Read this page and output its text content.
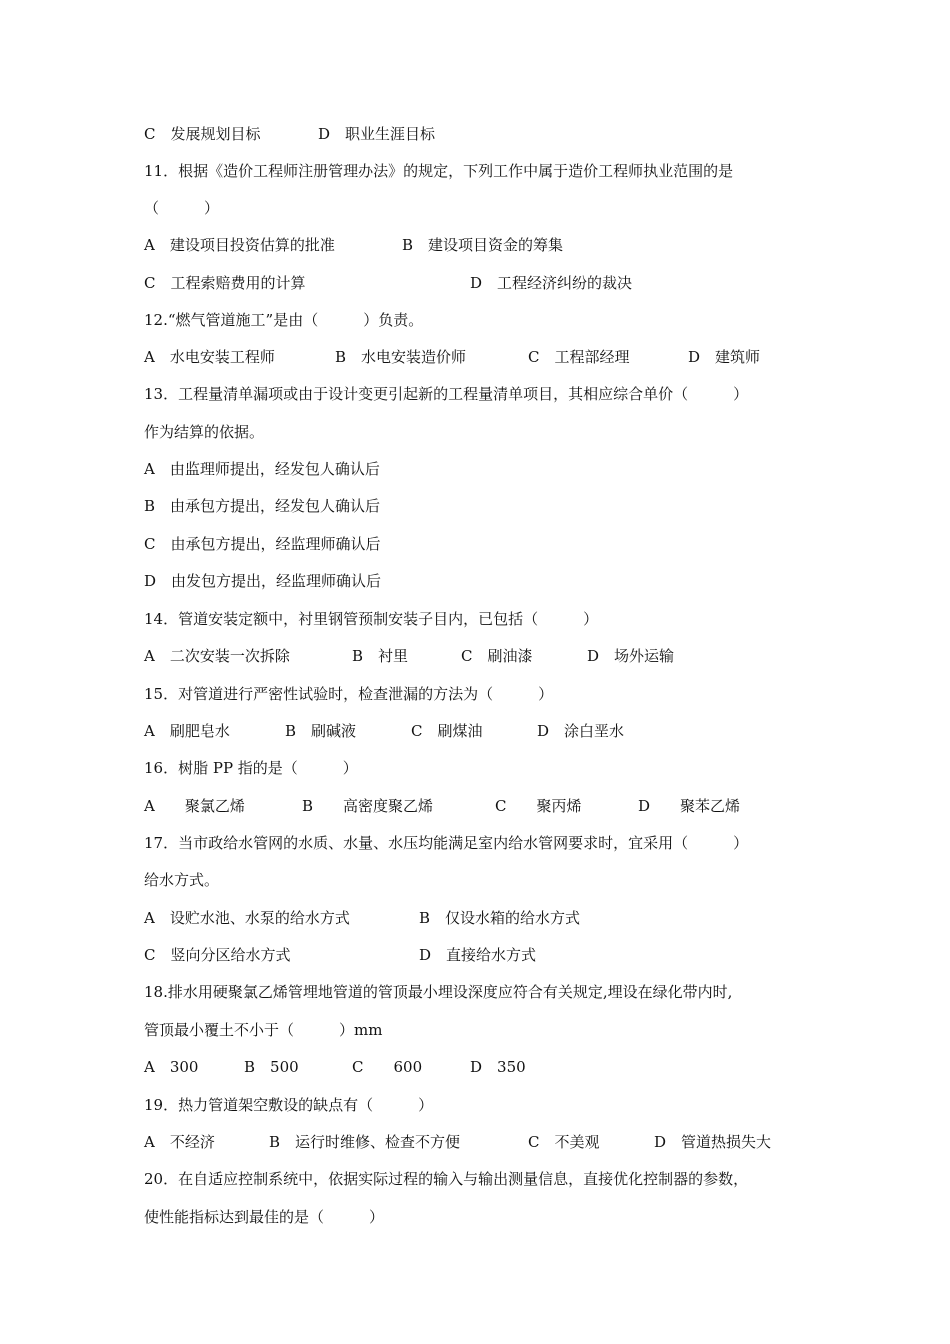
C　发展规划目标	D　职业生涯目标
11．根据《造价工程师注册管理办法》的规定，下列工作中属于造价工程师执业范围的是
（　　　）
A　建设项目投资估算的批准	B　建设项目资金的筹集
C　工程索赔费用的计算	D　工程经济纠纷的裁决
12.“燃气管道施工”是由（　　　）负责。
A　水电安装工程师	B　水电安装造价师	C　工程部经理	D　建筑师
13．工程量清单漏项或由于设计变更引起新的工程量清单项目，其相应综合单价（　　　）
作为结算的依据。
A　由监理师提出，经发包人确认后
B　由承包方提出，经发包人确认后
C　由承包方提出，经监理师确认后
D　由发包方提出，经监理师确认后
14．管道安装定额中，衬里钢管预制安装子目内，已包括（　　　）
A　二次安装一次拆除	B　衬里	C　刷油漆	D　场外运输
15．对管道进行严密性试验时，检查泄漏的方法为（　　　）
A　刷肥皂水	B　刷碱液	C　刷煤油	D　涂白垩水
16．树脂 PP 指的是（　　　）
A　　聚氯乙烯	B　　高密度聚乙烯	C　　聚丙烯	D　　聚苯乙烯
17．当市政给水管网的水质、水量、水压均能满足室内给水管网要求时，宜采用（　　　）
给水方式。
A　设贮水池、水泵的给水方式	B　仅设水箱的给水方式
C　竖向分区给水方式	D　直接给水方式
18.排水用硬聚氯乙烯管埋地管道的管顶最小埋设深度应符合有关规定,埋设在绿化带内时,
管顶最小覆土不小于（　　　）mm
A　300	B　500	C　　600	D　350
19．热力管道架空敷设的缺点有（　　　）
A　不经济	B　运行时维修、检查不方便	C　不美观	D　管道热损失大
20．在自适应控制系统中，依据实际过程的输入与输出测量信息，直接优化控制器的参数，
使性能指标达到最佳的是（　　　）
